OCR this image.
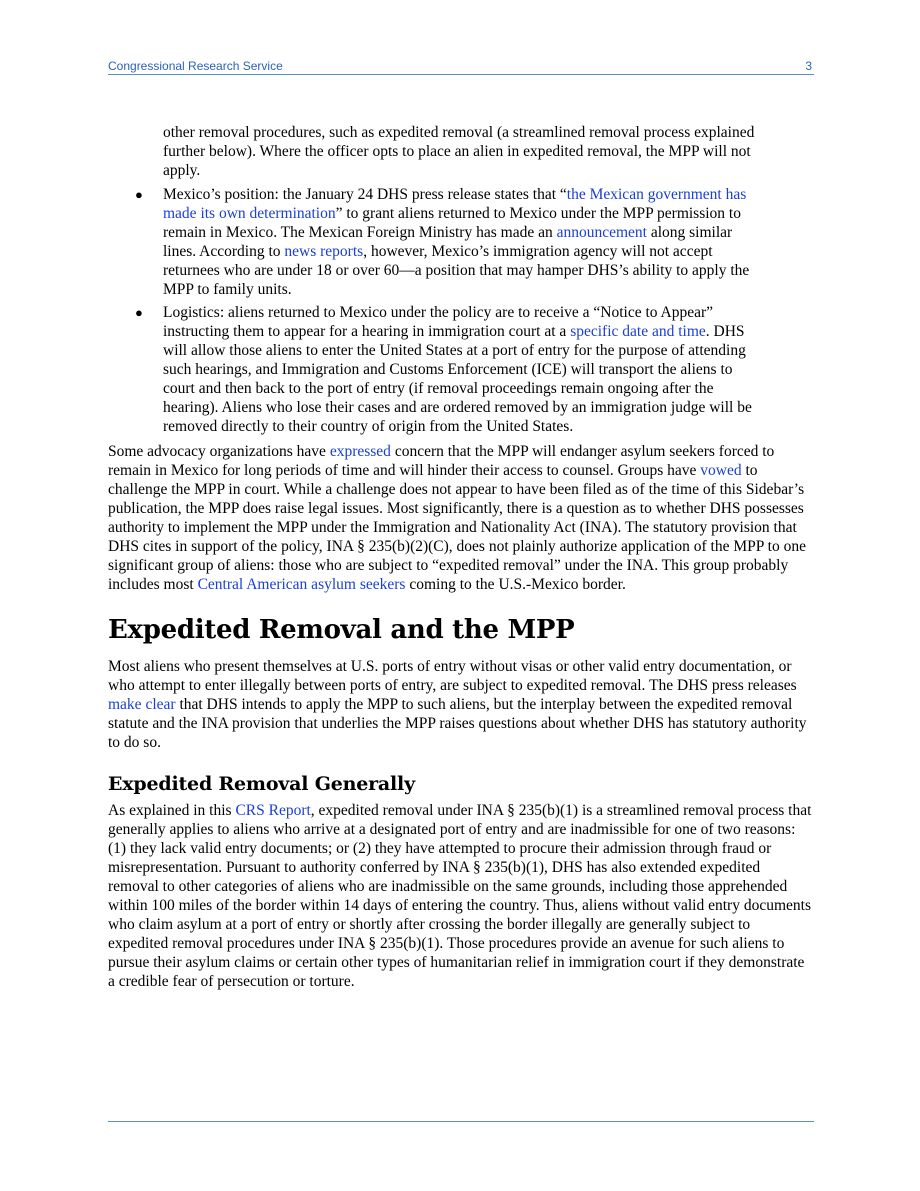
Congressional Research Service	3

other removal procedures, such as expedited removal (a streamlined removal process explained further below). Where the officer opts to place an alien in expedited removal, the MPP will not apply.

● Mexico’s position: the January 24 DHS press release states that “the Mexican government has made its own determination” to grant aliens returned to Mexico under the MPP permission to remain in Mexico. The Mexican Foreign Ministry has made an announcement along similar lines. According to news reports, however, Mexico’s immigration agency will not accept returnees who are under 18 or over 60—a position that may hamper DHS’s ability to apply the MPP to family units.
● Logistics: aliens returned to Mexico under the policy are to receive a “Notice to Appear” instructing them to appear for a hearing in immigration court at a specific date and time. DHS will allow those aliens to enter the United States at a port of entry for the purpose of attending such hearings, and Immigration and Customs Enforcement (ICE) will transport the aliens to court and then back to the port of entry (if removal proceedings remain ongoing after the hearing). Aliens who lose their cases and are ordered removed by an immigration judge will be removed directly to their country of origin from the United States.

Some advocacy organizations have expressed concern that the MPP will endanger asylum seekers forced to remain in Mexico for long periods of time and will hinder their access to counsel. Groups have vowed to challenge the MPP in court. While a challenge does not appear to have been filed as of the time of this Sidebar’s publication, the MPP does raise legal issues. Most significantly, there is a question as to whether DHS possesses authority to implement the MPP under the Immigration and Nationality Act (INA). The statutory provision that DHS cites in support of the policy, INA § 235(b)(2)(C), does not plainly authorize application of the MPP to one significant group of aliens: those who are subject to “expedited removal” under the INA. This group probably includes most Central American asylum seekers coming to the U.S.-Mexico border.

Expedited Removal and the MPP

Most aliens who present themselves at U.S. ports of entry without visas or other valid entry documentation, or who attempt to enter illegally between ports of entry, are subject to expedited removal. The DHS press releases make clear that DHS intends to apply the MPP to such aliens, but the interplay between the expedited removal statute and the INA provision that underlies the MPP raises questions about whether DHS has statutory authority to do so.

Expedited Removal Generally

As explained in this CRS Report, expedited removal under INA § 235(b)(1) is a streamlined removal process that generally applies to aliens who arrive at a designated port of entry and are inadmissible for one of two reasons: (1) they lack valid entry documents; or (2) they have attempted to procure their admission through fraud or misrepresentation. Pursuant to authority conferred by INA § 235(b)(1), DHS has also extended expedited removal to other categories of aliens who are inadmissible on the same grounds, including those apprehended within 100 miles of the border within 14 days of entering the country. Thus, aliens without valid entry documents who claim asylum at a port of entry or shortly after crossing the border illegally are generally subject to expedited removal procedures under INA § 235(b)(1). Those procedures provide an avenue for such aliens to pursue their asylum claims or certain other types of humanitarian relief in immigration court if they demonstrate a credible fear of persecution or torture.
